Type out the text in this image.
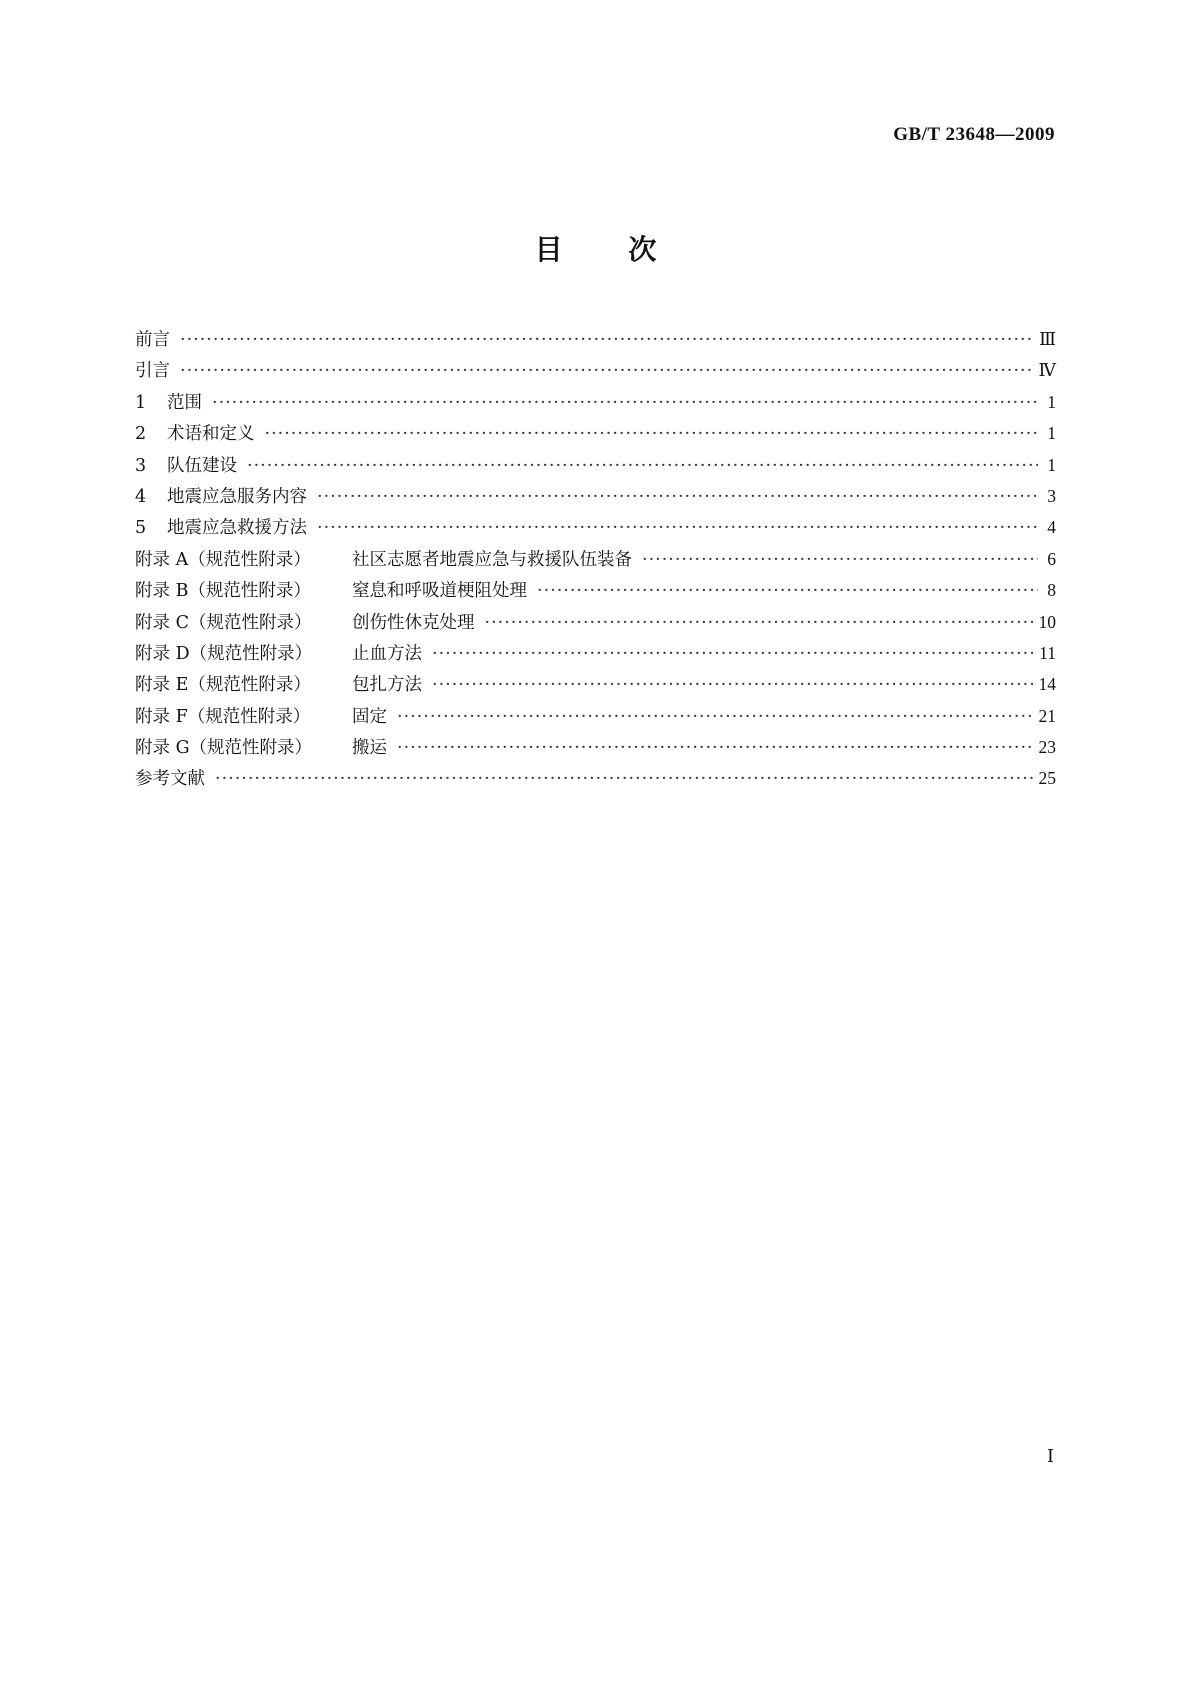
GB/T 23648—2009
目 次
前言 ·····	Ⅲ
引言 ·····	Ⅳ
1 范围 ·····	1
2 术语和定义 ·····	1
3 队伍建设 ·····	1
4 地震应急服务内容 ·····	3
5 地震应急救援方法 ·····	4
附录 A（规范性附录） 社区志愿者地震应急与救援队伍装备 ·····	6
附录 B（规范性附录） 窒息和呼吸道梗阻处理 ·····	8
附录 C（规范性附录） 创伤性休克处理 ·····	10
附录 D（规范性附录） 止血方法 ·····	11
附录 E（规范性附录） 包扎方法 ·····	14
附录 F（规范性附录） 固定 ·····	21
附录 G（规范性附录） 搬运 ·····	23
参考文献 ·····	25
Ⅰ
